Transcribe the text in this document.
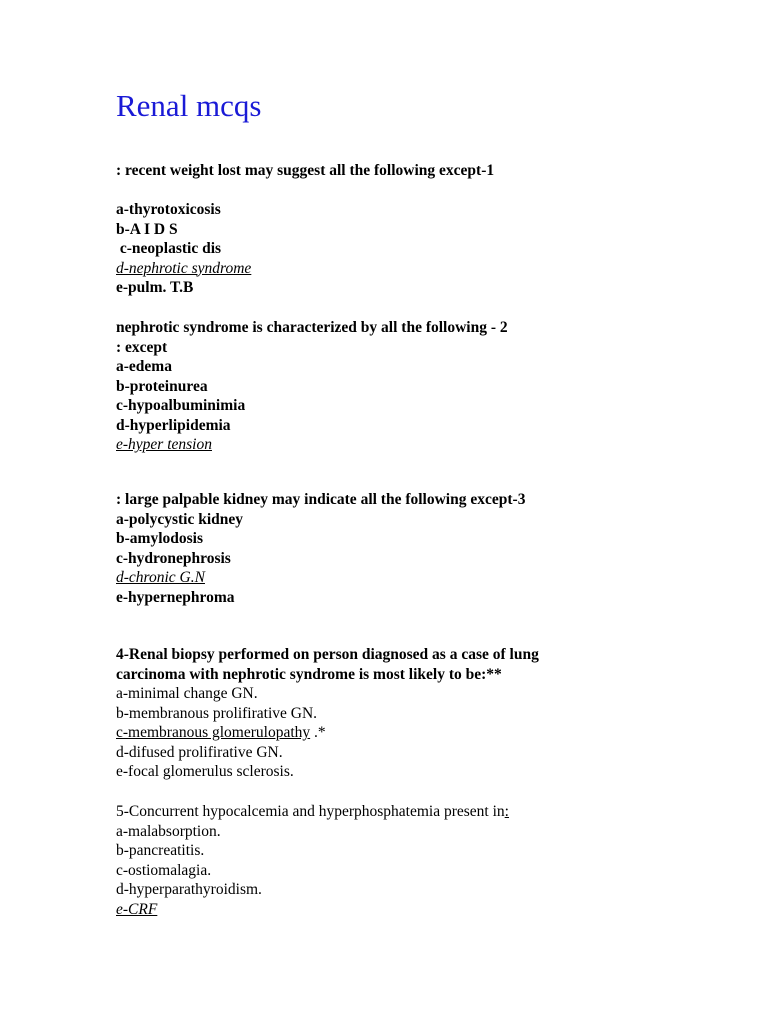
Renal mcqs
: recent weight lost may suggest all the following except-1
a-thyrotoxicosis
b-A I D S
c-neoplastic dis
d-nephrotic syndrome
e-pulm. T.B
nephrotic syndrome is characterized by all the following - 2
: except
a-edema
b-proteinurea
c-hypoalbuminimia
d-hyperlipidemia
e-hyper tension
: large palpable kidney may indicate all the following except-3
a-polycystic kidney
b-amylodosis
c-hydronephrosis
d-chronic G.N
e-hypernephroma
4-Renal biopsy performed on person diagnosed as a case of lung
carcinoma with nephrotic syndrome is most likely to be:**
a-minimal change GN.
b-membranous prolifirative GN.
c-membranous glomerulopathy .*
d-difused prolifirative GN.
e-focal glomerulus sclerosis.
5-Concurrent hypocalcemia and hyperphosphatemia present in:
a-malabsorption.
b-pancreatitis.
c-ostiomalagia.
d-hyperparathyroidism.
e-CRF
